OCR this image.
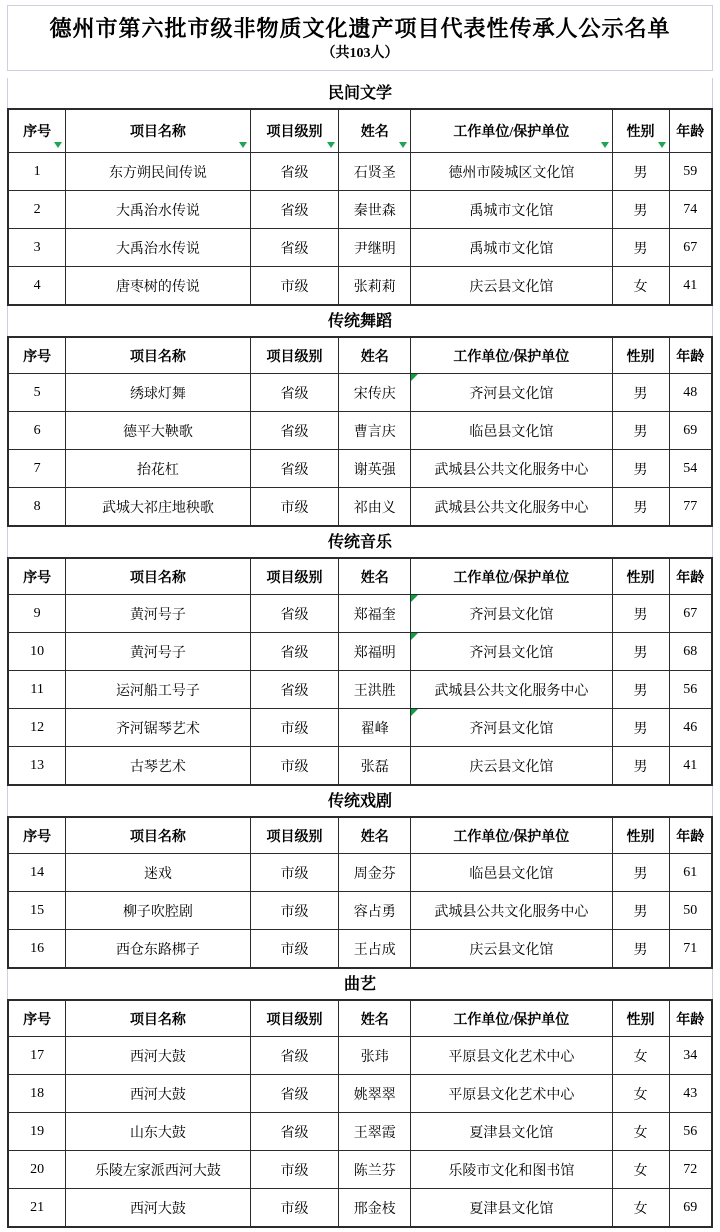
德州市第六批市级非物质文化遗产项目代表性传承人公示名单
（共103人）
民间文学
序号	项目名称	项目级别	姓名	工作单位/保护单位	性别	年龄
1	东方朔民间传说	省级	石贤圣	德州市陵城区文化馆	男	59
2	大禹治水传说	省级	秦世森	禹城市文化馆	男	74
3	大禹治水传说	省级	尹继明	禹城市文化馆	男	67
4	唐枣树的传说	市级	张莉莉	庆云县文化馆	女	41
传统舞蹈
序号	项目名称	项目级别	姓名	工作单位/保护单位	性别	年龄
5	绣球灯舞	省级	宋传庆	齐河县文化馆	男	48
6	德平大鞅歌	省级	曹言庆	临邑县文化馆	男	69
7	抬花杠	省级	谢英强	武城县公共文化服务中心	男	54
8	武城大祁庄地秧歌	市级	祁由义	武城县公共文化服务中心	男	77
传统音乐
序号	项目名称	项目级别	姓名	工作单位/保护单位	性别	年龄
9	黄河号子	省级	郑福奎	齐河县文化馆	男	67
10	黄河号子	省级	郑福明	齐河县文化馆	男	68
11	运河船工号子	省级	王洪胜	武城县公共文化服务中心	男	56
12	齐河锯琴艺术	市级	翟峰	齐河县文化馆	男	46
13	古琴艺术	市级	张磊	庆云县文化馆	男	41
传统戏剧
序号	项目名称	项目级别	姓名	工作单位/保护单位	性别	年龄
14	迷戏	市级	周金芬	临邑县文化馆	男	61
15	柳子吹腔剧	市级	容占勇	武城县公共文化服务中心	男	50
16	西仓东路梆子	市级	王占成	庆云县文化馆	男	71
曲艺
序号	项目名称	项目级别	姓名	工作单位/保护单位	性别	年龄
17	西河大鼓	省级	张玮	平原县文化艺术中心	女	34
18	西河大鼓	省级	姚翠翠	平原县文化艺术中心	女	43
19	山东大鼓	省级	王翠霞	夏津县文化馆	女	56
20	乐陵左家派西河大鼓	市级	陈兰芬	乐陵市文化和图书馆	女	72
21	西河大鼓	市级	邢金枝	夏津县文化馆	女	69
